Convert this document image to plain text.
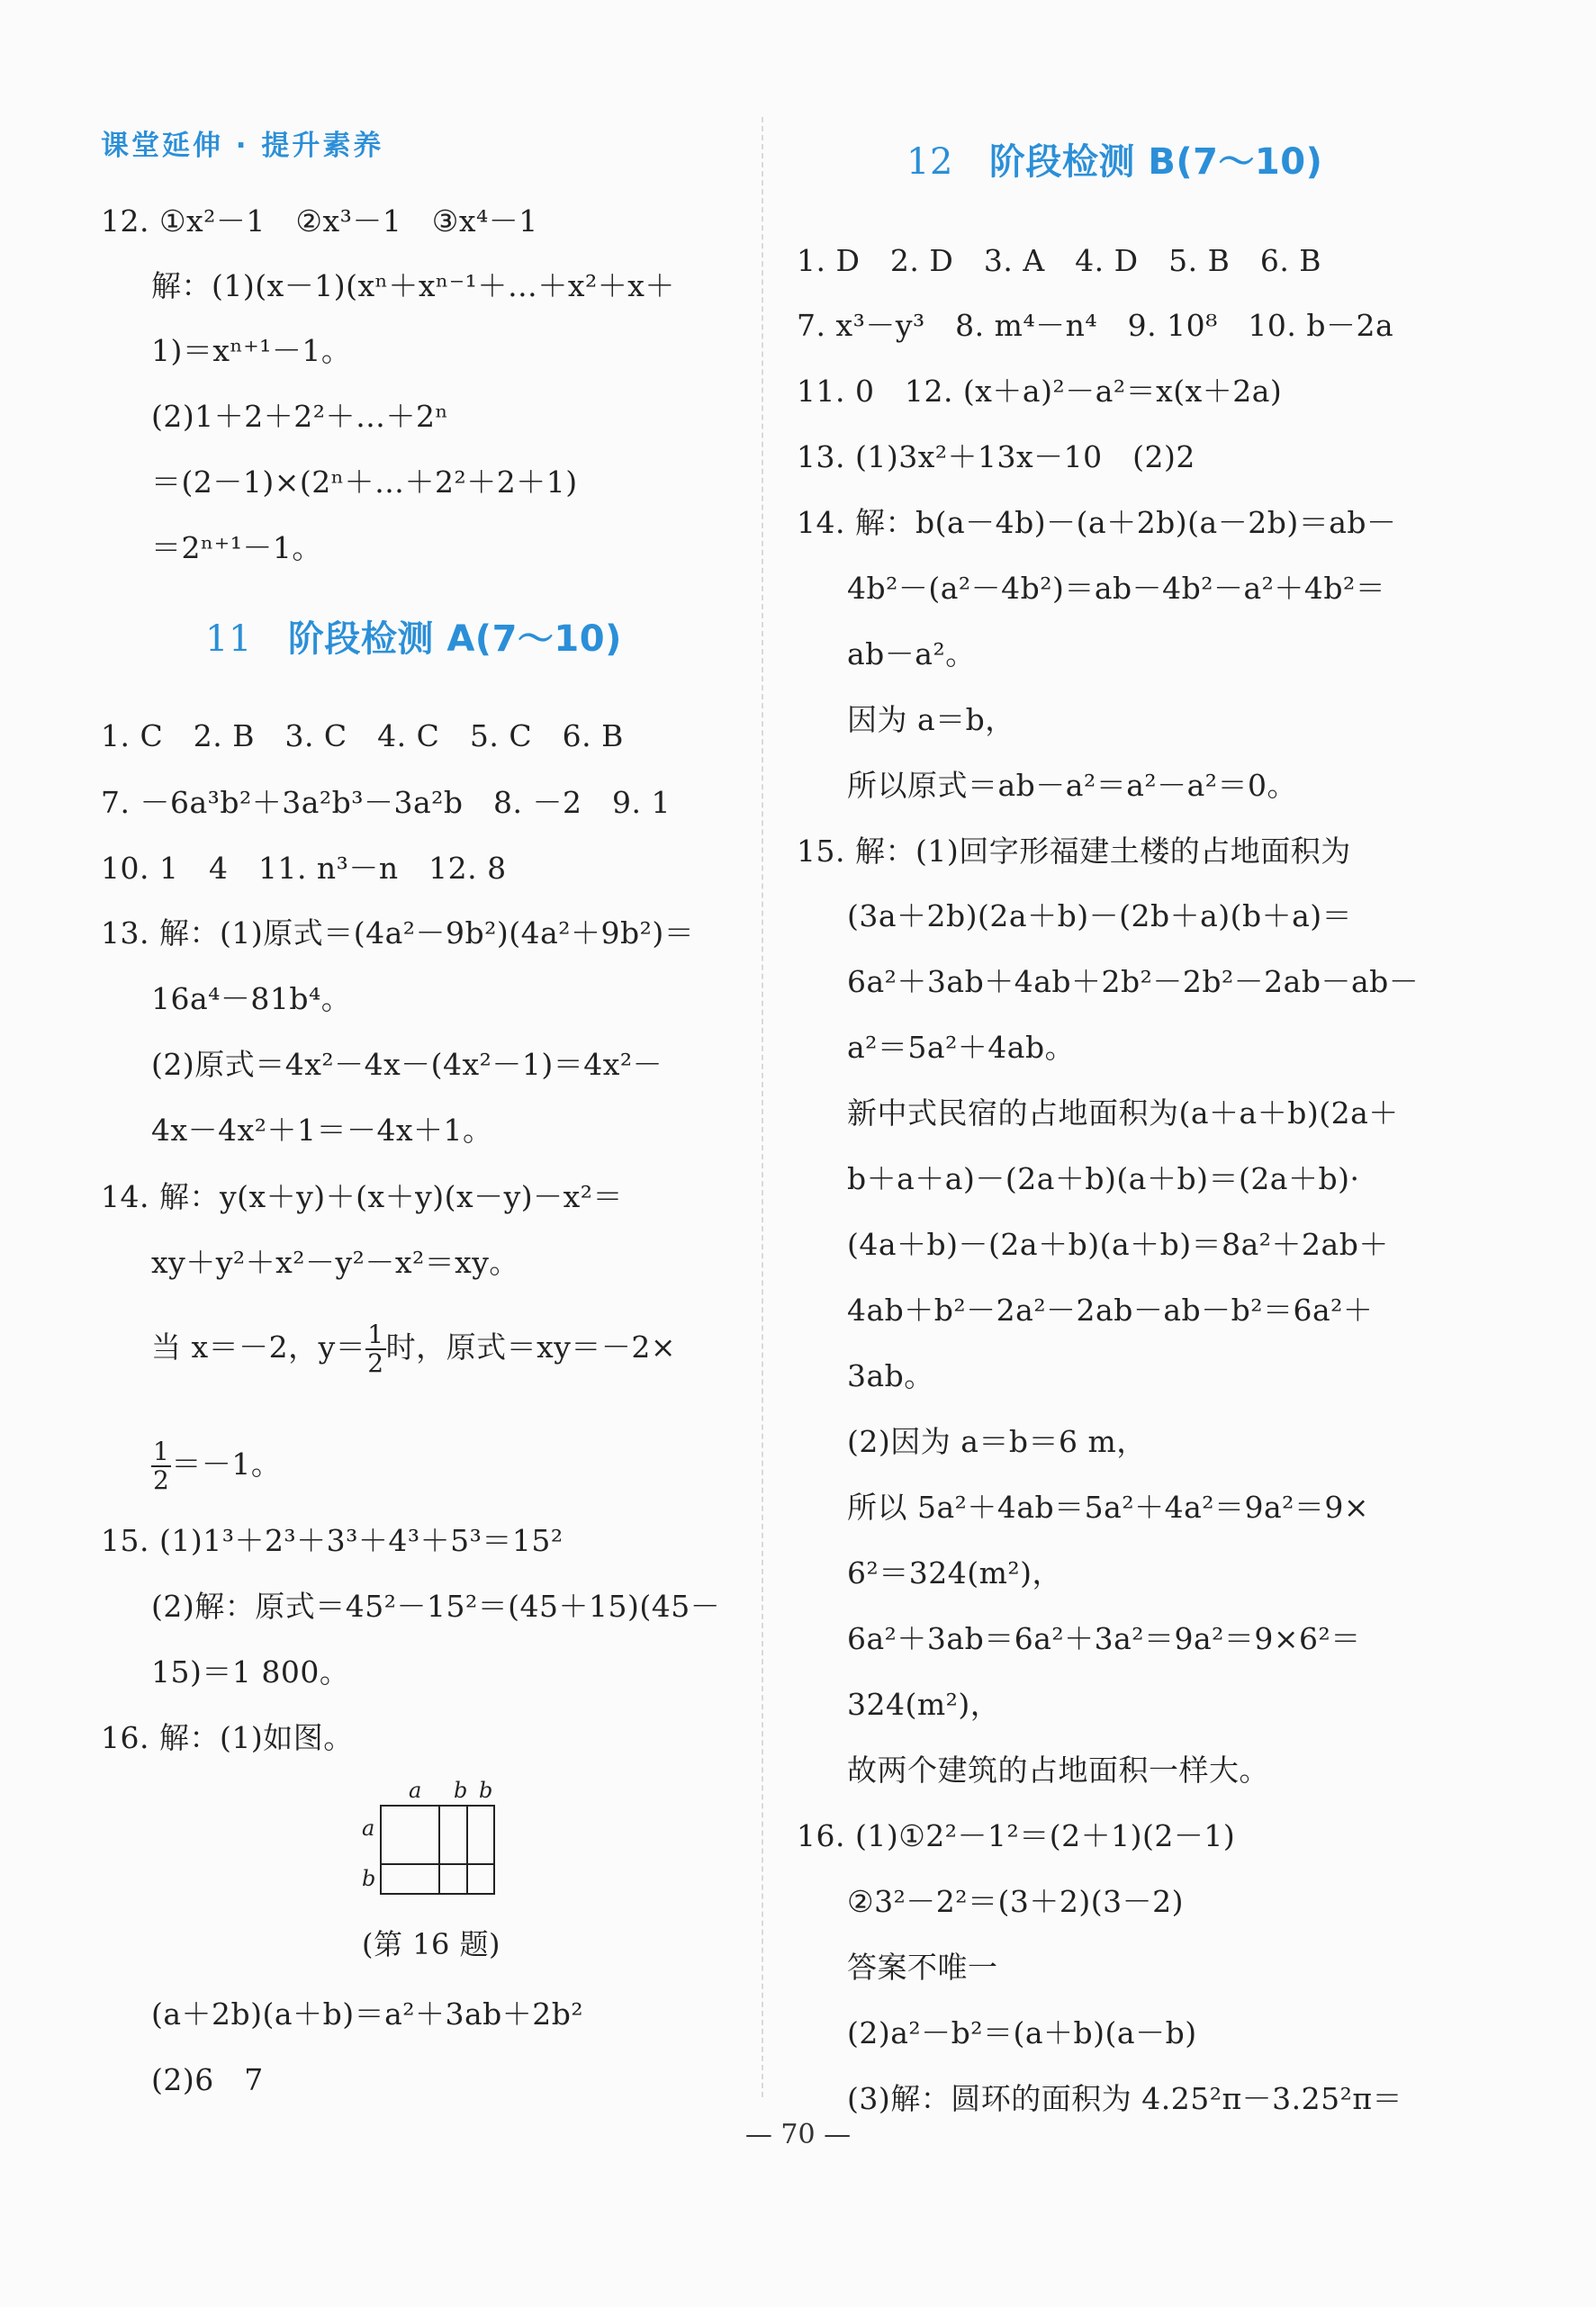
课堂延伸 · 提升素养
12. ①x²－1　②x³－1　③x⁴－1
解：(1)(x－1)(xⁿ＋xⁿ⁻¹＋…＋x²＋x＋
1)＝xⁿ⁺¹－1。
(2)1＋2＋2²＋…＋2ⁿ
＝(2－1)×(2ⁿ＋…＋2²＋2＋1)
＝2ⁿ⁺¹－1。
11 阶段检测 A(7～10)
1. C　2. B　3. C　4. C　5. C　6. B
7. －6a³b²＋3a²b³－3a²b　8. －2　9. 1
10. 1　4　11. n³－n　12. 8
13. 解：(1)原式＝(4a²－9b²)(4a²＋9b²)＝
16a⁴－81b⁴。
(2)原式＝4x²－4x－(4x²－1)＝4x²－
4x－4x²＋1＝－4x＋1。
14. 解：y(x＋y)＋(x＋y)(x－y)－x²＝
xy＋y²＋x²－y²－x²＝xy。
当 x＝－2，$y= \frac{1}{2}$ 时，原式＝xy＝－2×
$\frac{1}{2} =-1$。
15. (1)1³＋2³＋3³＋4³＋5³＝15²
(2)解：原式＝45²－15²＝(45＋15)(45－
15)＝1 800。
16. 解：(1)如图。
a b b
a
b
(第 16 题)
(a＋2b)(a＋b)＝a²＋3ab＋2b²
(2)6　7
12 阶段检测 B(7～10)
1. D　2. D　3. A　4. D　5. B　6. B
7. x³－y³　8. m⁴－n⁴　9. 10⁸　10. b－2a
11. 0　12. (x＋a)²－a²＝x(x＋2a)
13. (1)3x²＋13x－10　(2)2
14. 解：b(a－4b)－(a＋2b)(a－2b)＝ab－
4b²－(a²－4b²)＝ab－4b²－a²＋4b²＝
ab－a²。
因为 a＝b，
所以原式＝ab－a²＝a²－a²＝0。
15. 解：(1)回字形福建土楼的占地面积为
(3a＋2b)(2a＋b)－(2b＋a)(b＋a)＝
6a²＋3ab＋4ab＋2b²－2b²－2ab－ab－
a²＝5a²＋4ab。
新中式民宿的占地面积为(a＋a＋b)(2a＋
b＋a＋a)－(2a＋b)(a＋b)＝(2a＋b)·
(4a＋b)－(2a＋b)(a＋b)＝8a²＋2ab＋
4ab＋b²－2a²－2ab－ab－b²＝6a²＋
3ab。
(2)因为 a＝b＝6 m，
所以 5a²＋4ab＝5a²＋4a²＝9a²＝9×
6²＝324(m²)，
6a²＋3ab＝6a²＋3a²＝9a²＝9×6²＝
324(m²)，
故两个建筑的占地面积一样大。
16. (1)①2²－1²＝(2＋1)(2－1)
②3²－2²＝(3＋2)(3－2)
答案不唯一
(2)a²－b²＝(a＋b)(a－b)
(3)解：圆环的面积为 4.25²π－3.25²π＝
— 70 —
